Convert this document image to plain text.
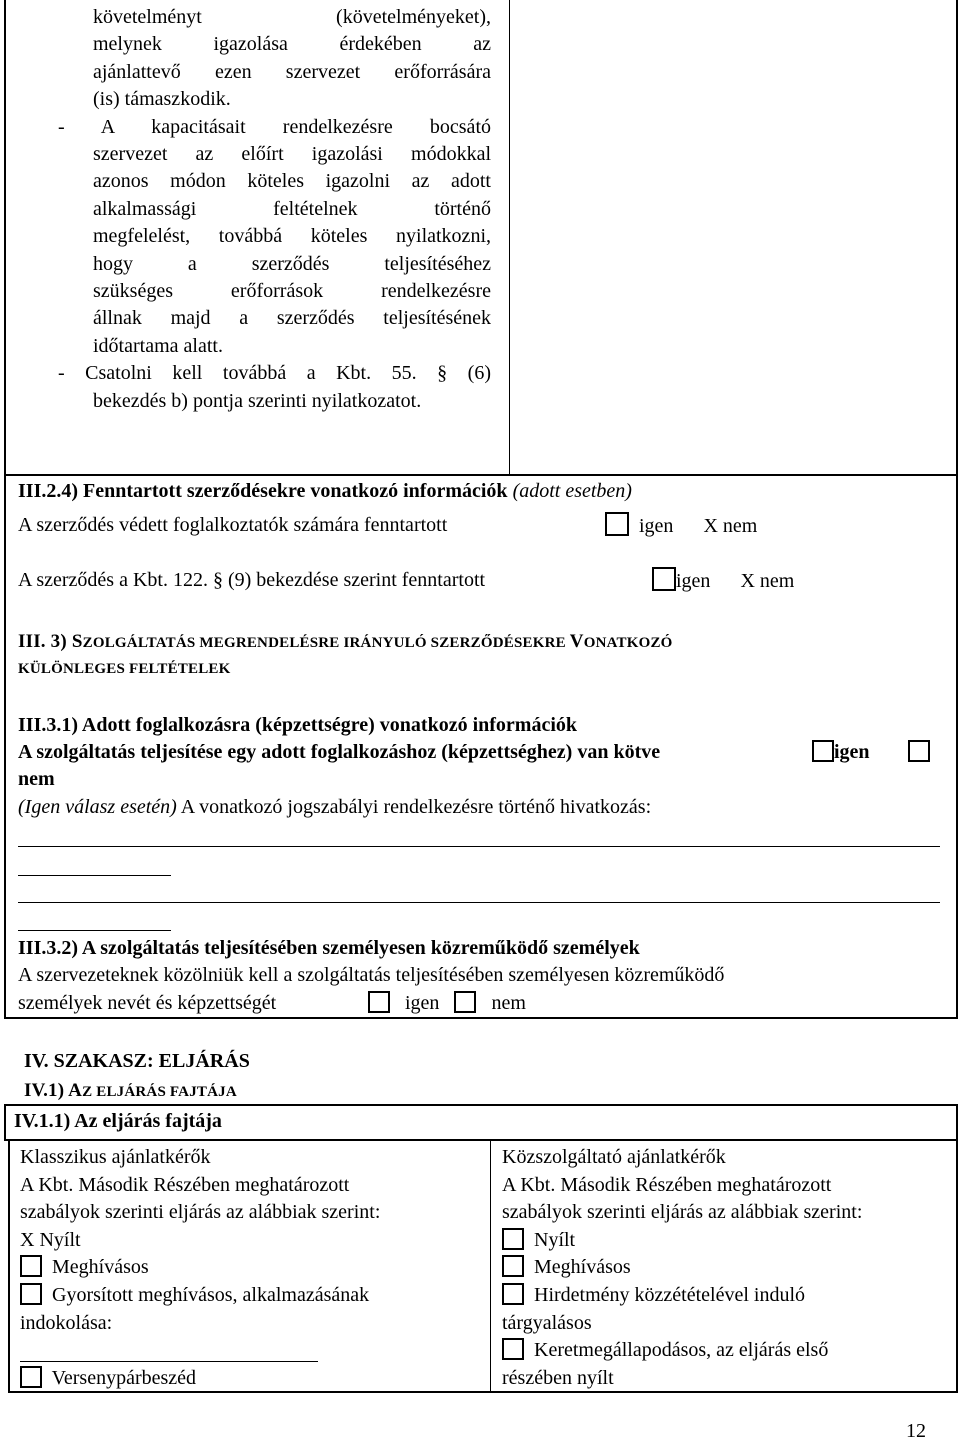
követelményt (követelményeket),
melynek igazolása érdekében az
ajánlattevő ezen szervezet erőforrására
(is) támaszkodik.
- A kapacitásait rendelkezésre bocsátó
szervezet az előírt igazolási módokkal
azonos módon köteles igazolni az adott
alkalmassági feltételnek történő
megfelelést, továbbá köteles nyilatkozni,
hogy a szerződés teljesítéséhez
szükséges erőforrások rendelkezésre
állnak majd a szerződés teljesítésének
időtartama alatt.
- Csatolni kell továbbá a Kbt. 55. § (6)
bekezdés b) pontja szerinti nyilatkozatot.
III.2.4) Fenntartott szerződésekre vonatkozó információk (adott esetben)
A szerződés védett foglalkoztatók számára fenntartott	igen X nem
A szerződés a Kbt. 122. § (9) bekezdése szerint fenntartott	igen X nem
III. 3) SZOLGÁLTATÁS MEGRENDELÉSRE IRÁNYULÓ SZERZŐDÉSEKRE VONATKOZÓ
KÜLÖNLEGES FELTÉTELEK
III.3.1) Adott foglalkozásra (képzettségre) vonatkozó információk
A szolgáltatás teljesítése egy adott foglalkozáshoz (képzettséghez) van kötve	igen
nem
(Igen válasz esetén) A vonatkozó jogszabályi rendelkezésre történő hivatkozás:
III.3.2) A szolgáltatás teljesítésében személyesen közreműködő személyek
A szervezeteknek közölniük kell a szolgáltatás teljesítésében személyesen közreműködő
személyek nevét és képzettségét	igen	nem
IV. SZAKASZ: ELJÁRÁS
IV.1) AZ ELJÁRÁS FAJTÁJA
IV.1.1) Az eljárás fajtája
Klasszikus ajánlatkérők
A Kbt. Második Részében meghatározott
szabályok szerinti eljárás az alábbiak szerint:
X Nyílt
Meghívásos
Gyorsított meghívásos, alkalmazásának
indokolása:
Versenypárbeszéd
Közszolgáltató ajánlatkérők
A Kbt. Második Részében meghatározott
szabályok szerinti eljárás az alábbiak szerint:
Nyílt
Meghívásos
Hirdetmény közzétételével induló
tárgyalásos
Keretmegállapodásos, az eljárás első
részében nyílt
12
